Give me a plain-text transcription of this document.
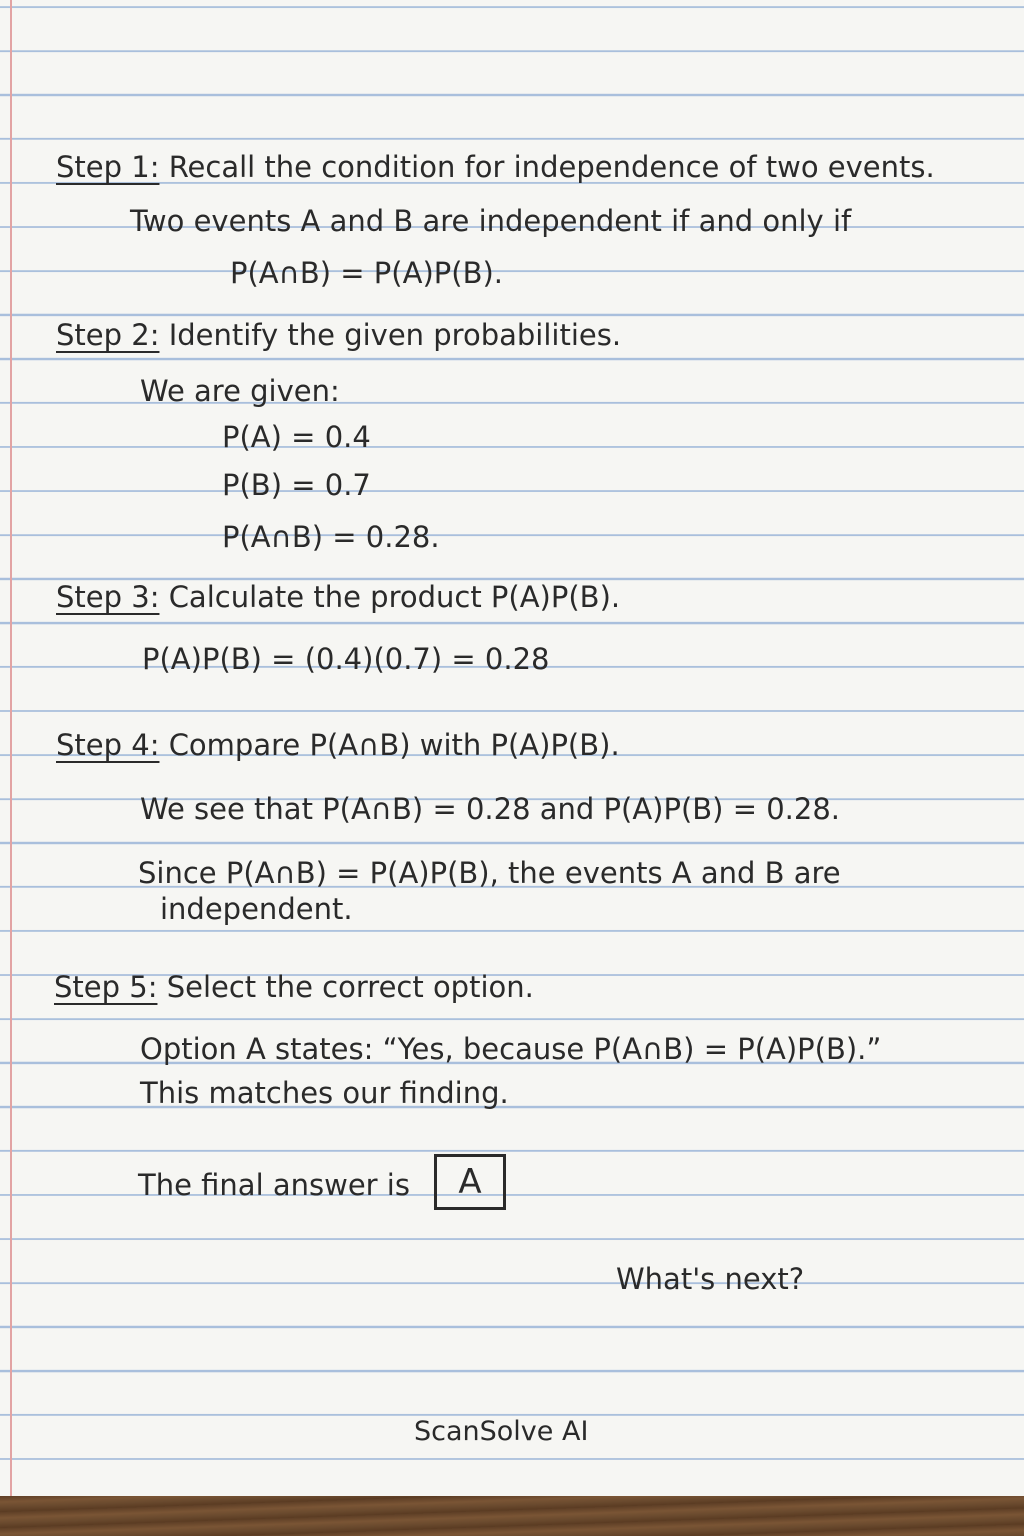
Step 1: Recall the condition for independence of two events.
Two events A and B are independent if and only if
P(A∩B) = P(A)P(B).
Step 2: Identify the given probabilities.
We are given:
P(A) = 0.4
P(B) = 0.7
P(A∩B) = 0.28.
Step 3: Calculate the product P(A)P(B).
P(A)P(B) = (0.4)(0.7) = 0.28
Step 4: Compare P(A∩B) with P(A)P(B).
We see that P(A∩B) = 0.28 and P(A)P(B) = 0.28.
Since P(A∩B) = P(A)P(B), the events A and B are
independent.
Step 5: Select the correct option.
Option A states: “Yes, because P(A∩B) = P(A)P(B).”
This matches our finding.
The final answer is A
What's next?
ScanSolve AI
